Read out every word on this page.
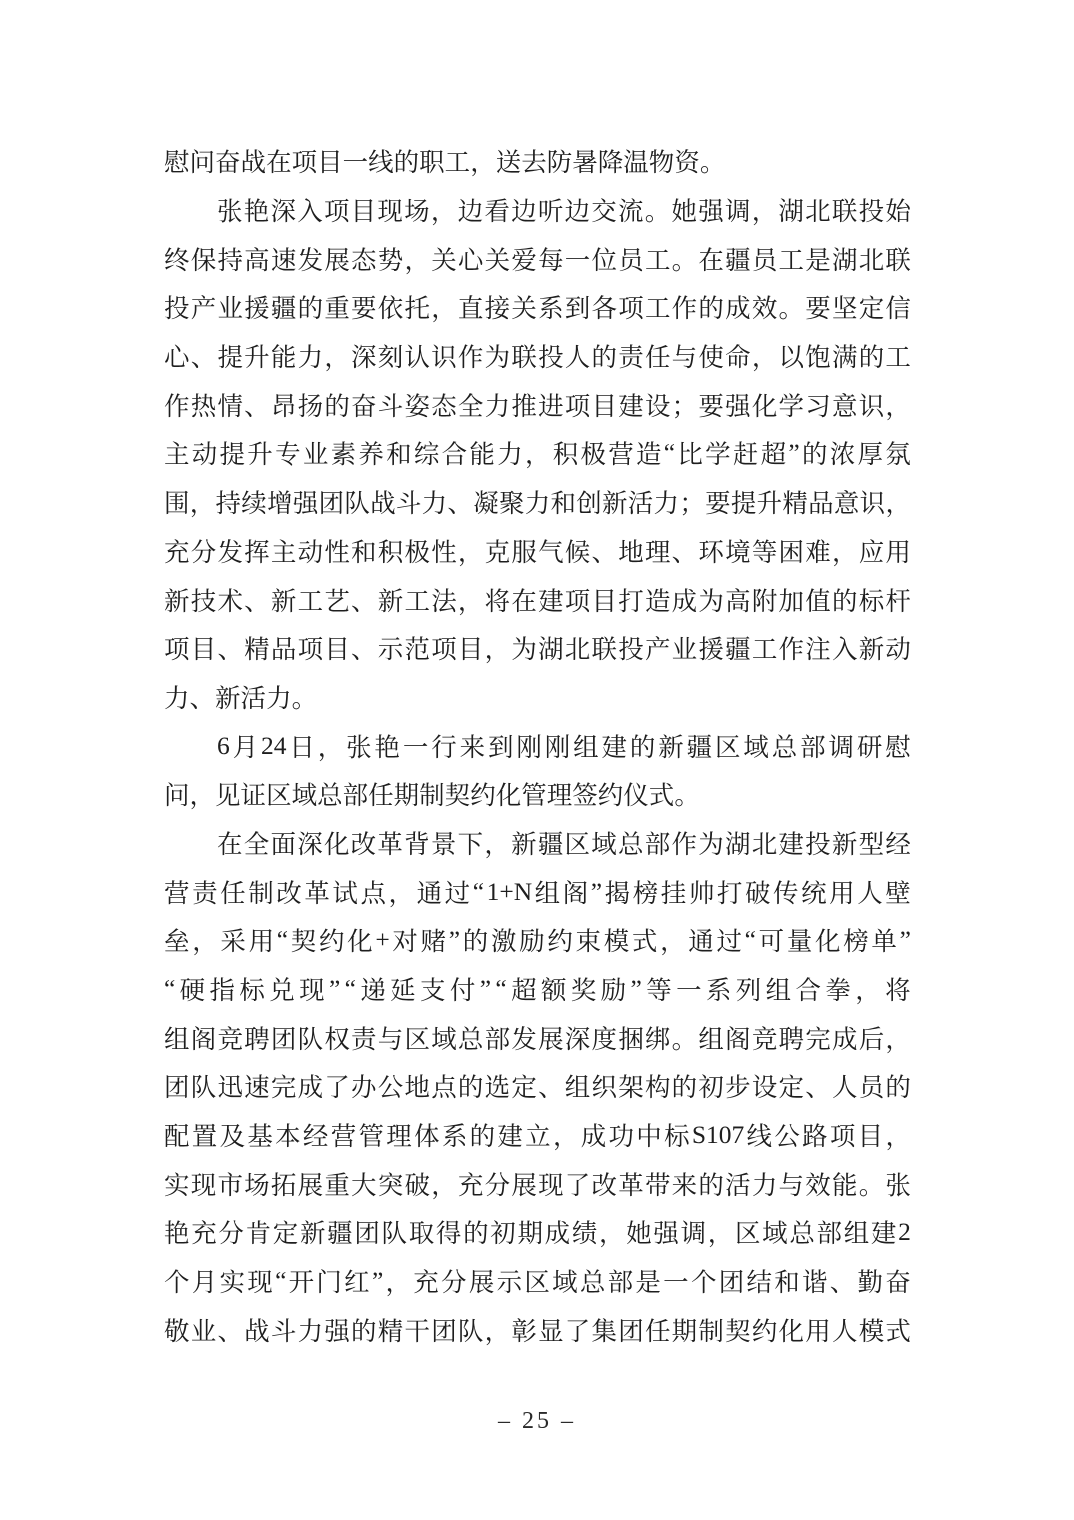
慰 问 奋 战 在 项 目 一 线 的 职 工 ， 送 去 防 暑 降 温 物 资 。
张 艳 深 入 项 目 现 场 ， 边 看 边 听 边 交 流 。 她 强 调 ， 湖 北 联 投 始
终 保 持 高 速 发 展 态 势 ， 关 心 关 爱 每 一 位 员 工 。 在 疆 员 工 是 湖 北 联
投 产 业 援 疆 的 重 要 依 托 ， 直 接 关 系 到 各 项 工 作 的 成 效 。 要 坚 定 信
心 、 提 升 能 力 ， 深 刻 认 识 作 为 联 投 人 的 责 任 与 使 命 ， 以 饱 满 的 工
作 热 情 、 昂 扬 的 奋 斗 姿 态 全 力 推 进 项 目 建 设 ； 要 强 化 学 习 意 识 ，
主 动 提 升 专 业 素 养 和 综 合 能 力 ， 积 极 营 造 “ 比 学 赶 超 ” 的 浓 厚 氛
围 ， 持 续 增 强 团 队 战 斗 力 、 凝 聚 力 和 创 新 活 力 ； 要 提 升 精 品 意 识 ，
充 分 发 挥 主 动 性 和 积 极 性 ， 克 服 气 候 、 地 理 、 环 境 等 困 难 ， 应 用
新 技 术 、 新 工 艺 、 新 工 法 ， 将 在 建 项 目 打 造 成 为 高 附 加 值 的 标 杆
项 目 、 精 品 项 目 、 示 范 项 目 ， 为 湖 北 联 投 产 业 援 疆 工 作 注 入 新 动
力 、 新 活 力 。
6 月 24 日 ， 张 艳 一 行 来 到 刚 刚 组 建 的 新 疆 区 域 总 部 调 研 慰
问 ， 见 证 区 域 总 部 任 期 制 契 约 化 管 理 签 约 仪 式 。
在 全 面 深 化 改 革 背 景 下 ， 新 疆 区 域 总 部 作 为 湖 北 建 投 新 型 经
营 责 任 制 改 革 试 点 ， 通 过 “ 1+N 组 阁 ” 揭 榜 挂 帅 打 破 传 统 用 人 壁
垒 ， 采 用 “ 契 约 化 + 对 赌 ” 的 激 励 约 束 模 式 ， 通 过 “ 可 量 化 榜 单 ”
“ 硬 指 标 兑 现 ” “ 递 延 支 付 ” “ 超 额 奖 励 ” 等 一 系 列 组 合 拳 ， 将
组 阁 竞 聘 团 队 权 责 与 区 域 总 部 发 展 深 度 捆 绑 。 组 阁 竞 聘 完 成 后 ，
团 队 迅 速 完 成 了 办 公 地 点 的 选 定 、 组 织 架 构 的 初 步 设 定 、 人 员 的
配 置 及 基 本 经 营 管 理 体 系 的 建 立 ， 成 功 中 标 S107 线 公 路 项 目 ，
实 现 市 场 拓 展 重 大 突 破 ， 充 分 展 现 了 改 革 带 来 的 活 力 与 效 能 。 张
艳 充 分 肯 定 新 疆 团 队 取 得 的 初 期 成 绩 ， 她 强 调 ， 区 域 总 部 组 建 2
个 月 实 现 “ 开 门 红 ” ， 充 分 展 示 区 域 总 部 是 一 个 团 结 和 谐 、 勤 奋
敬 业 、 战 斗 力 强 的 精 干 团 队 ， 彰 显 了 集 团 任 期 制 契 约 化 用 人 模 式
– 25 –
